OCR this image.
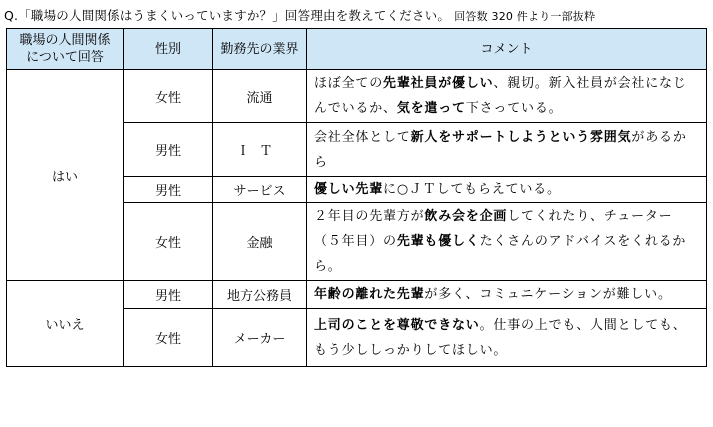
Q.「職場の人間関係はうまくいっていますか？」回答理由を教えてください。 回答数 320 件より一部抜粋
職場の人間関係について回答	性別	勤務先の業界	コメント
はい	女性	流通	ほぼ全ての先輩社員が優しい、親切。新入社員が会社になじんでいるか、気を遣って下さっている。
	男性	ＩＴ	会社全体として新人をサポートしようという雰囲気があるから
	男性	サービス	優しい先輩に○ＪＴしてもらえている。
	女性	金融	２年目の先輩方が飲み会を企画してくれたり、チューター（５年目）の先輩も優しくたくさんのアドバイスをくれるから。
いいえ	男性	地方公務員	年齢の離れた先輩が多く、コミュニケーションが難しい。
	女性	メーカー	上司のことを尊敬できない。仕事の上でも、人間としても、もう少ししっかりしてほしい。
